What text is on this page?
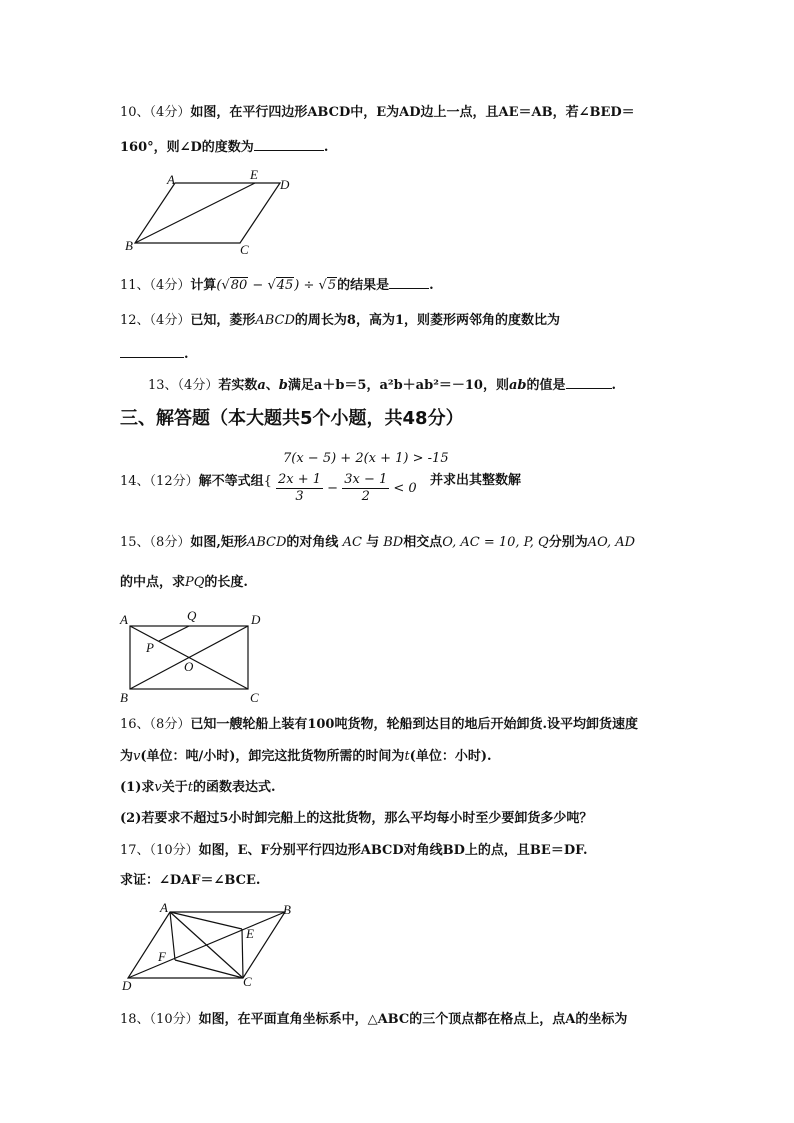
10、（4分）如图，在平行四边形ABCD中，E为AD边上一点，且AE＝AB，若∠BED＝
160°，则∠D的度数为	.
A	E
D
B	C
11、（4分）计算(√80 − √45) ÷ √5的结果是	.
12、（4分）已知，菱形ABCD的周长为8，高为1，则菱形两邻角的度数比为
.
13、（4分）若实数a、b满足a＋b＝5，a²b＋ab²＝－10，则ab的值是	.
三、解答题（本大题共5个小题，共48分）
7(x − 5) + 2(x + 1) > -15
14、（12分）解不等式组{ $\frac{2x + 1}{3} - \frac{3x - 1}{2} < 0$
并求出其整数解
15、（8分）如图,矩形ABCD的对角线 AC 与 BD相交点O, AC = 10, P, Q分别为AO, AD
的中点，求PQ的长度.
A	Q	D
P
O
B	C
16、（8分）已知一艘轮船上装有100吨货物，轮船到达目的地后开始卸货.设平均卸货速度
为v(单位：吨/小时)，卸完这批货物所需的时间为t(单位：小时).
(1)求v关于t的函数表达式.
(2)若要求不超过5小时卸完船上的这批货物，那么平均每小时至少要卸货多少吨？
17、（10分）如图，E、F分别平行四边形ABCD对角线BD上的点，且BE＝DF.
求证：∠DAF＝∠BCE.
A	B
E
F
C
D
18、（10分）如图，在平面直角坐标系中，△ABC的三个顶点都在格点上，点A的坐标为
